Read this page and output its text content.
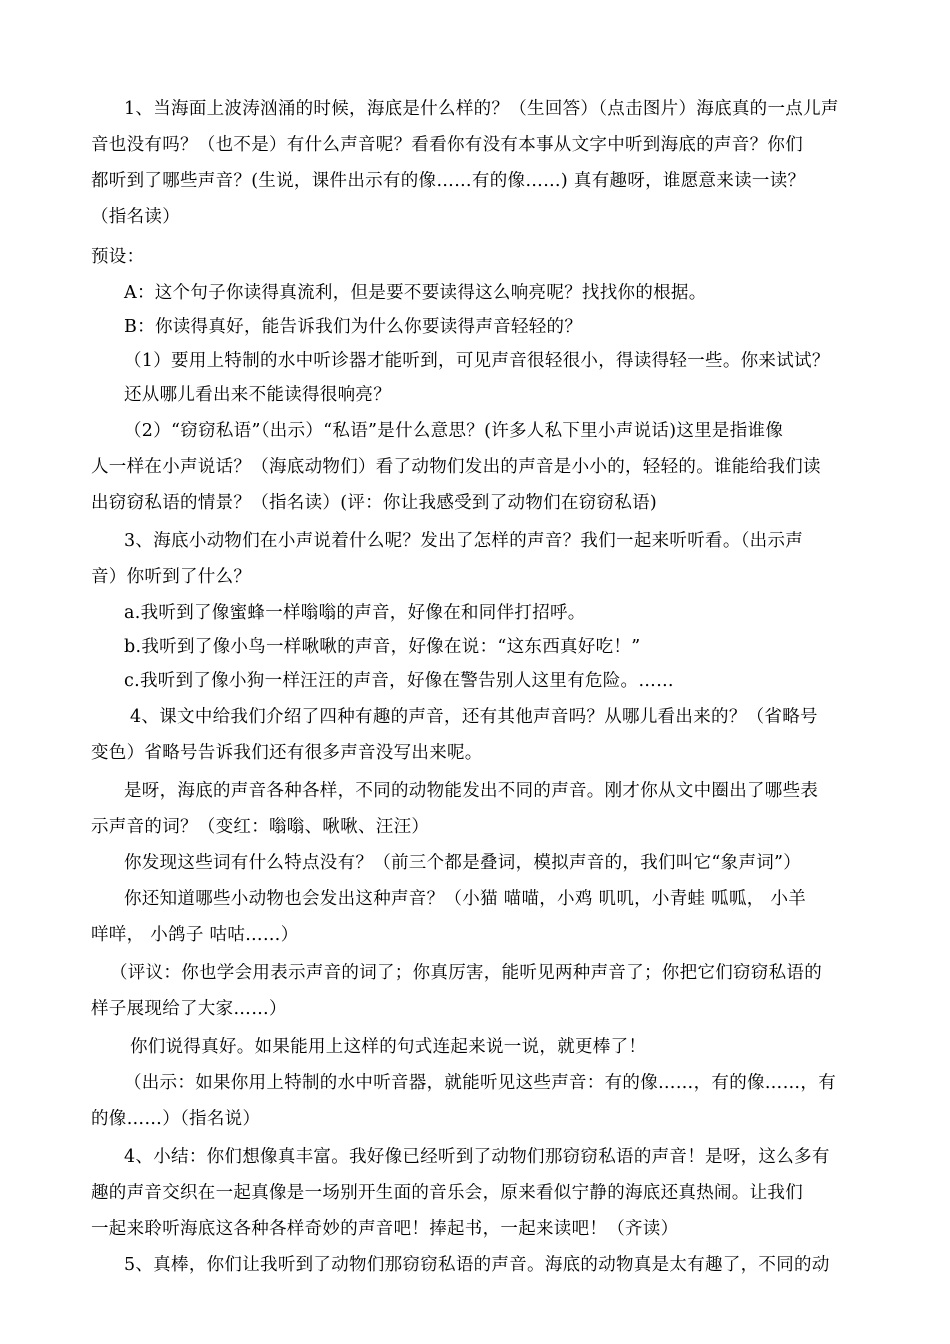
1、当海面上波涛汹涌的时候，海底是什么样的？（生回答）（点击图片）海底真的一点儿声
音也没有吗？（也不是）有什么声音呢？看看你有没有本事从文字中听到海底的声音？你们
都听到了哪些声音？(生说，课件出示有的像……有的像……) 真有趣呀，谁愿意来读一读？
（指名读）
预设：
A：这个句子你读得真流利，但是要不要读得这么响亮呢？找找你的根据。
B：你读得真好，能告诉我们为什么你要读得声音轻轻的？
（1）要用上特制的水中听诊器才能听到，可见声音很轻很小，得读得轻一些。你来试试？
还从哪儿看出来不能读得很响亮？
（2）“窃窃私语”（出示）“私语”是什么意思？(许多人私下里小声说话)这里是指谁像
人一样在小声说话？（海底动物们）看了动物们发出的声音是小小的，轻轻的。谁能给我们读
出窃窃私语的情景？（指名读）(评：你让我感受到了动物们在窃窃私语)
3、海底小动物们在小声说着什么呢？发出了怎样的声音？我们一起来听听看。（出示声
音）你听到了什么？
a.我听到了像蜜蜂一样嗡嗡的声音，好像在和同伴打招呼。
b.我听到了像小鸟一样啾啾的声音，好像在说：“这东西真好吃！”
c.我听到了像小狗一样汪汪的声音，好像在警告别人这里有危险。……
4、课文中给我们介绍了四种有趣的声音，还有其他声音吗？从哪儿看出来的？（省略号
变色）省略号告诉我们还有很多声音没写出来呢。
是呀，海底的声音各种各样，不同的动物能发出不同的声音。刚才你从文中圈出了哪些表
示声音的词？（变红：嗡嗡、啾啾、汪汪）
你发现这些词有什么特点没有？（前三个都是叠词，模拟声音的，我们叫它“象声词”）
你还知道哪些小动物也会发出这种声音？（小猫 喵喵，小鸡 叽叽，小青蛙 呱呱， 小羊
咩咩， 小鸽子 咕咕……）
（评议：你也学会用表示声音的词了；你真厉害，能听见两种声音了；你把它们窃窃私语的
样子展现给了大家……）
你们说得真好。如果能用上这样的句式连起来说一说，就更棒了！
（出示：如果你用上特制的水中听音器，就能听见这些声音：有的像……，有的像……，有
的像……）（指名说）
4、小结：你们想像真丰富。我好像已经听到了动物们那窃窃私语的声音！是呀，这么多有
趣的声音交织在一起真像是一场别开生面的音乐会，原来看似宁静的海底还真热闹。让我们
一起来聆听海底这各种各样奇妙的声音吧！捧起书，一起来读吧！（齐读）
5、真棒，你们让我听到了动物们那窃窃私语的声音。海底的动物真是太有趣了，不同的动
